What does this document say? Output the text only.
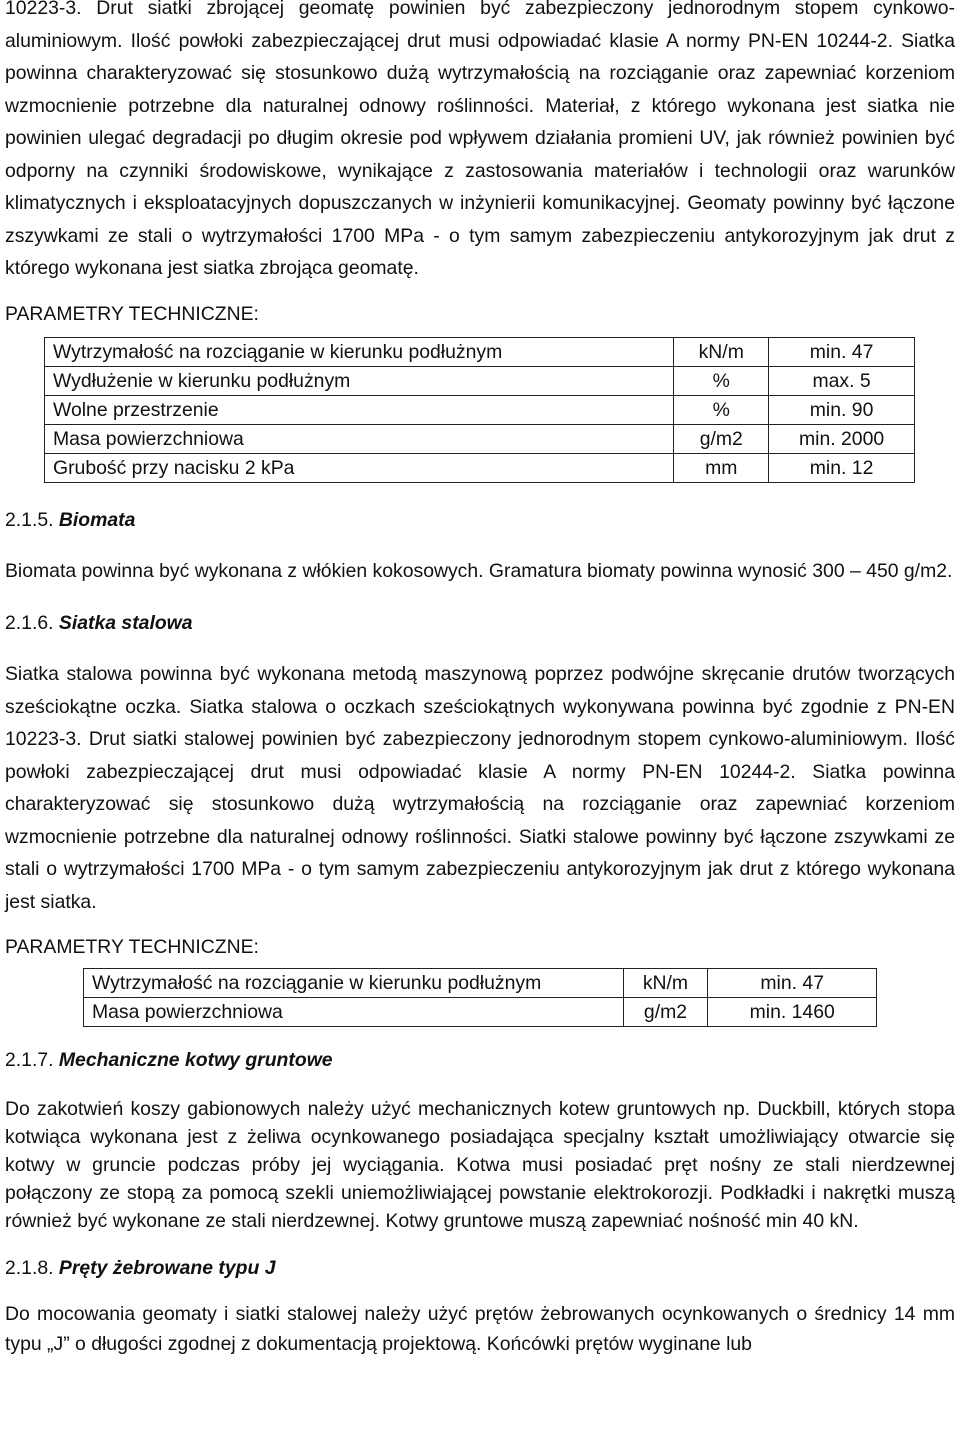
10223-3. Drut siatki zbrojącej geomatę powinien być zabezpieczony jednorodnym stopem cynkowo-aluminiowym. Ilość powłoki zabezpieczającej drut musi odpowiadać klasie A normy PN-EN 10244-2. Siatka powinna charakteryzować się stosunkowo dużą wytrzymałością na rozciąganie oraz zapewniać korzeniom wzmocnienie potrzebne dla naturalnej odnowy roślinności. Materiał, z którego wykonana jest siatka nie powinien ulegać degradacji po długim okresie pod wpływem działania promieni UV, jak również powinien być odporny na czynniki środowiskowe, wynikające z zastosowania materiałów i technologii oraz warunków klimatycznych i eksploatacyjnych dopuszczanych w inżynierii komunikacyjnej. Geomaty powinny być łączone zszywkami ze stali o wytrzymałości 1700 MPa - o tym samym zabezpieczeniu antykorozyjnym jak drut z którego wykonana jest siatka zbrojąca geomatę.

PARAMETRY TECHNICZNE:

Wytrzymałość na rozciąganie w kierunku podłużnym	kN/m	min. 47
Wydłużenie w kierunku podłużnym	%	max. 5
Wolne przestrzenie	%	min. 90
Masa powierzchniowa	g/m2	min. 2000
Grubość przy nacisku 2 kPa	mm	min. 12

2.1.5. Biomata

Biomata powinna być wykonana z włókien kokosowych. Gramatura biomaty powinna wynosić 300 – 450 g/m2.

2.1.6. Siatka stalowa

Siatka stalowa powinna być wykonana metodą maszynową poprzez podwójne skręcanie drutów tworzących sześciokątne oczka. Siatka stalowa o oczkach sześciokątnych wykonywana powinna być zgodnie z PN-EN 10223-3. Drut siatki stalowej powinien być zabezpieczony jednorodnym stopem cynkowo-aluminiowym. Ilość powłoki zabezpieczającej drut musi odpowiadać klasie A normy PN-EN 10244-2. Siatka powinna charakteryzować się stosunkowo dużą wytrzymałością na rozciąganie oraz zapewniać korzeniom wzmocnienie potrzebne dla naturalnej odnowy roślinności. Siatki stalowe powinny być łączone zszywkami ze stali o wytrzymałości 1700 MPa - o tym samym zabezpieczeniu antykorozyjnym jak drut z którego wykonana jest siatka.

PARAMETRY TECHNICZNE:

Wytrzymałość na rozciąganie w kierunku podłużnym	kN/m	min. 47
Masa powierzchniowa	g/m2	min. 1460

2.1.7. Mechaniczne kotwy gruntowe

Do zakotwień koszy gabionowych należy użyć mechanicznych kotew gruntowych np. Duckbill, których stopa kotwiąca wykonana jest z żeliwa ocynkowanego posiadająca specjalny kształt umożliwiający otwarcie się kotwy w gruncie podczas próby jej wyciągania. Kotwa musi posiadać pręt nośny ze stali nierdzewnej połączony ze stopą za pomocą szekli uniemożliwiającej powstanie elektrokorozji. Podkładki i nakrętki muszą również być wykonane ze stali nierdzewnej. Kotwy gruntowe muszą zapewniać nośność min 40 kN.

2.1.8. Pręty żebrowane typu J

Do mocowania geomaty i siatki stalowej należy użyć prętów żebrowanych ocynkowanych o średnicy 14 mm typu „J” o długości zgodnej z dokumentacją projektową. Końcówki prętów wyginane lub
